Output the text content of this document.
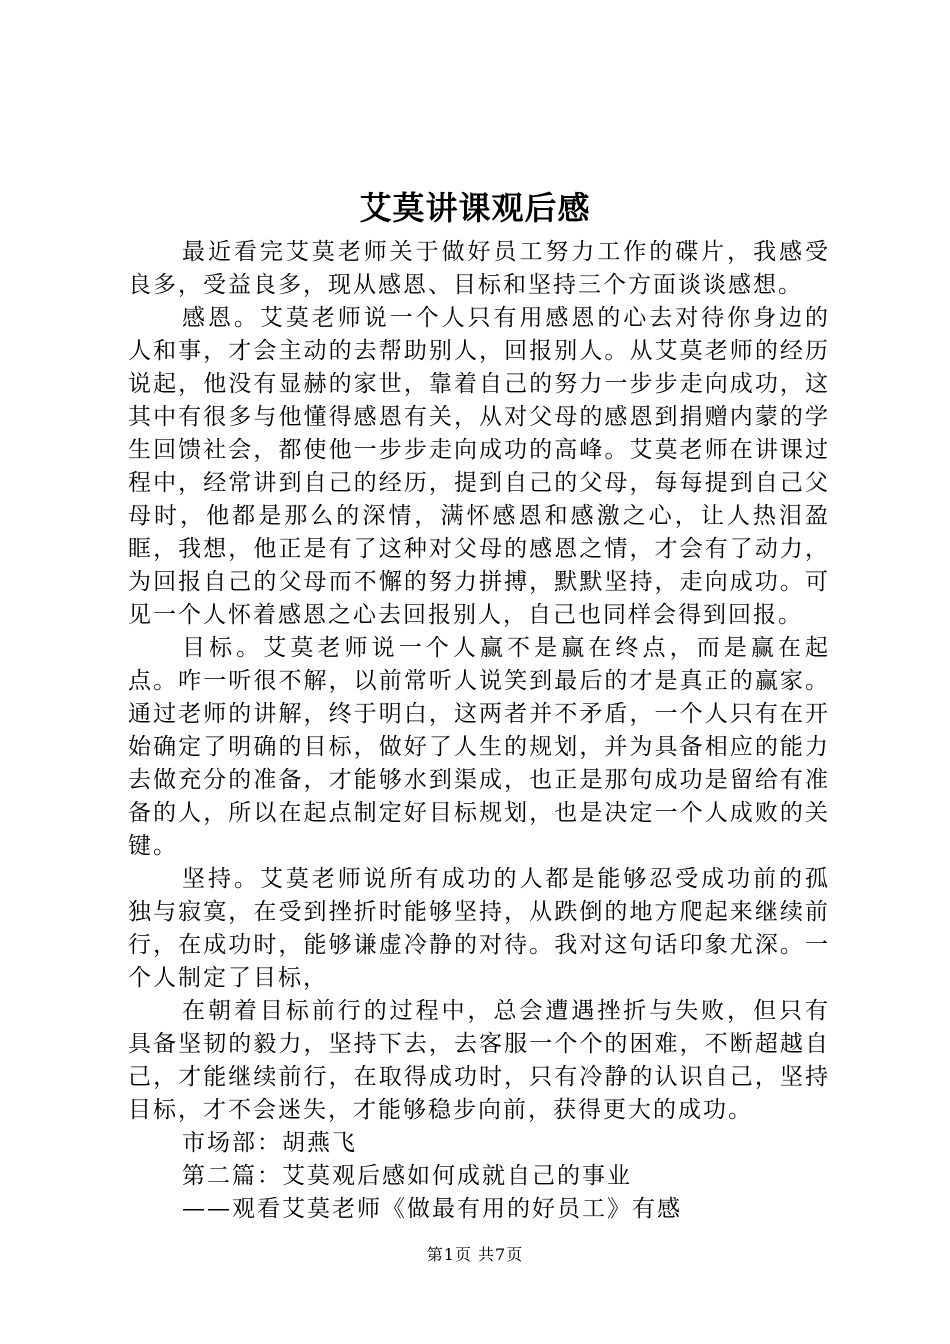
艾莫讲课观后感

最近看完艾莫老师关于做好员工努力工作的碟片，我感受良多，受益良多，现从感恩、目标和坚持三个方面谈谈感想。

感恩。艾莫老师说一个人只有用感恩的心去对待你身边的人和事，才会主动的去帮助别人，回报别人。从艾莫老师的经历说起，他没有显赫的家世，靠着自己的努力一步步走向成功，这其中有很多与他懂得感恩有关，从对父母的感恩到捐赠内蒙的学生回馈社会，都使他一步步走向成功的高峰。艾莫老师在讲课过程中，经常讲到自己的经历，提到自己的父母，每每提到自己父母时，他都是那么的深情，满怀感恩和感激之心，让人热泪盈眶，我想，他正是有了这种对父母的感恩之情，才会有了动力，为回报自己的父母而不懈的努力拼搏，默默坚持，走向成功。可见一个人怀着感恩之心去回报别人，自己也同样会得到回报。

目标。艾莫老师说一个人赢不是赢在终点，而是赢在起点。咋一听很不解，以前常听人说笑到最后的才是真正的赢家。通过老师的讲解，终于明白，这两者并不矛盾，一个人只有在开始确定了明确的目标，做好了人生的规划，并为具备相应的能力去做充分的准备，才能够水到渠成，也正是那句成功是留给有准备的人，所以在起点制定好目标规划，也是决定一个人成败的关键。

坚持。艾莫老师说所有成功的人都是能够忍受成功前的孤独与寂寞，在受到挫折时能够坚持，从跌倒的地方爬起来继续前行，在成功时，能够谦虚冷静的对待。我对这句话印象尤深。一个人制定了目标，

在朝着目标前行的过程中，总会遭遇挫折与失败，但只有具备坚韧的毅力，坚持下去，去客服一个个的困难，不断超越自己，才能继续前行，在取得成功时，只有冷静的认识自己，坚持目标，才不会迷失，才能够稳步向前，获得更大的成功。

市场部：胡燕飞

第二篇：艾莫观后感如何成就自己的事业

——观看艾莫老师《做最有用的好员工》有感

第1页 共7页
